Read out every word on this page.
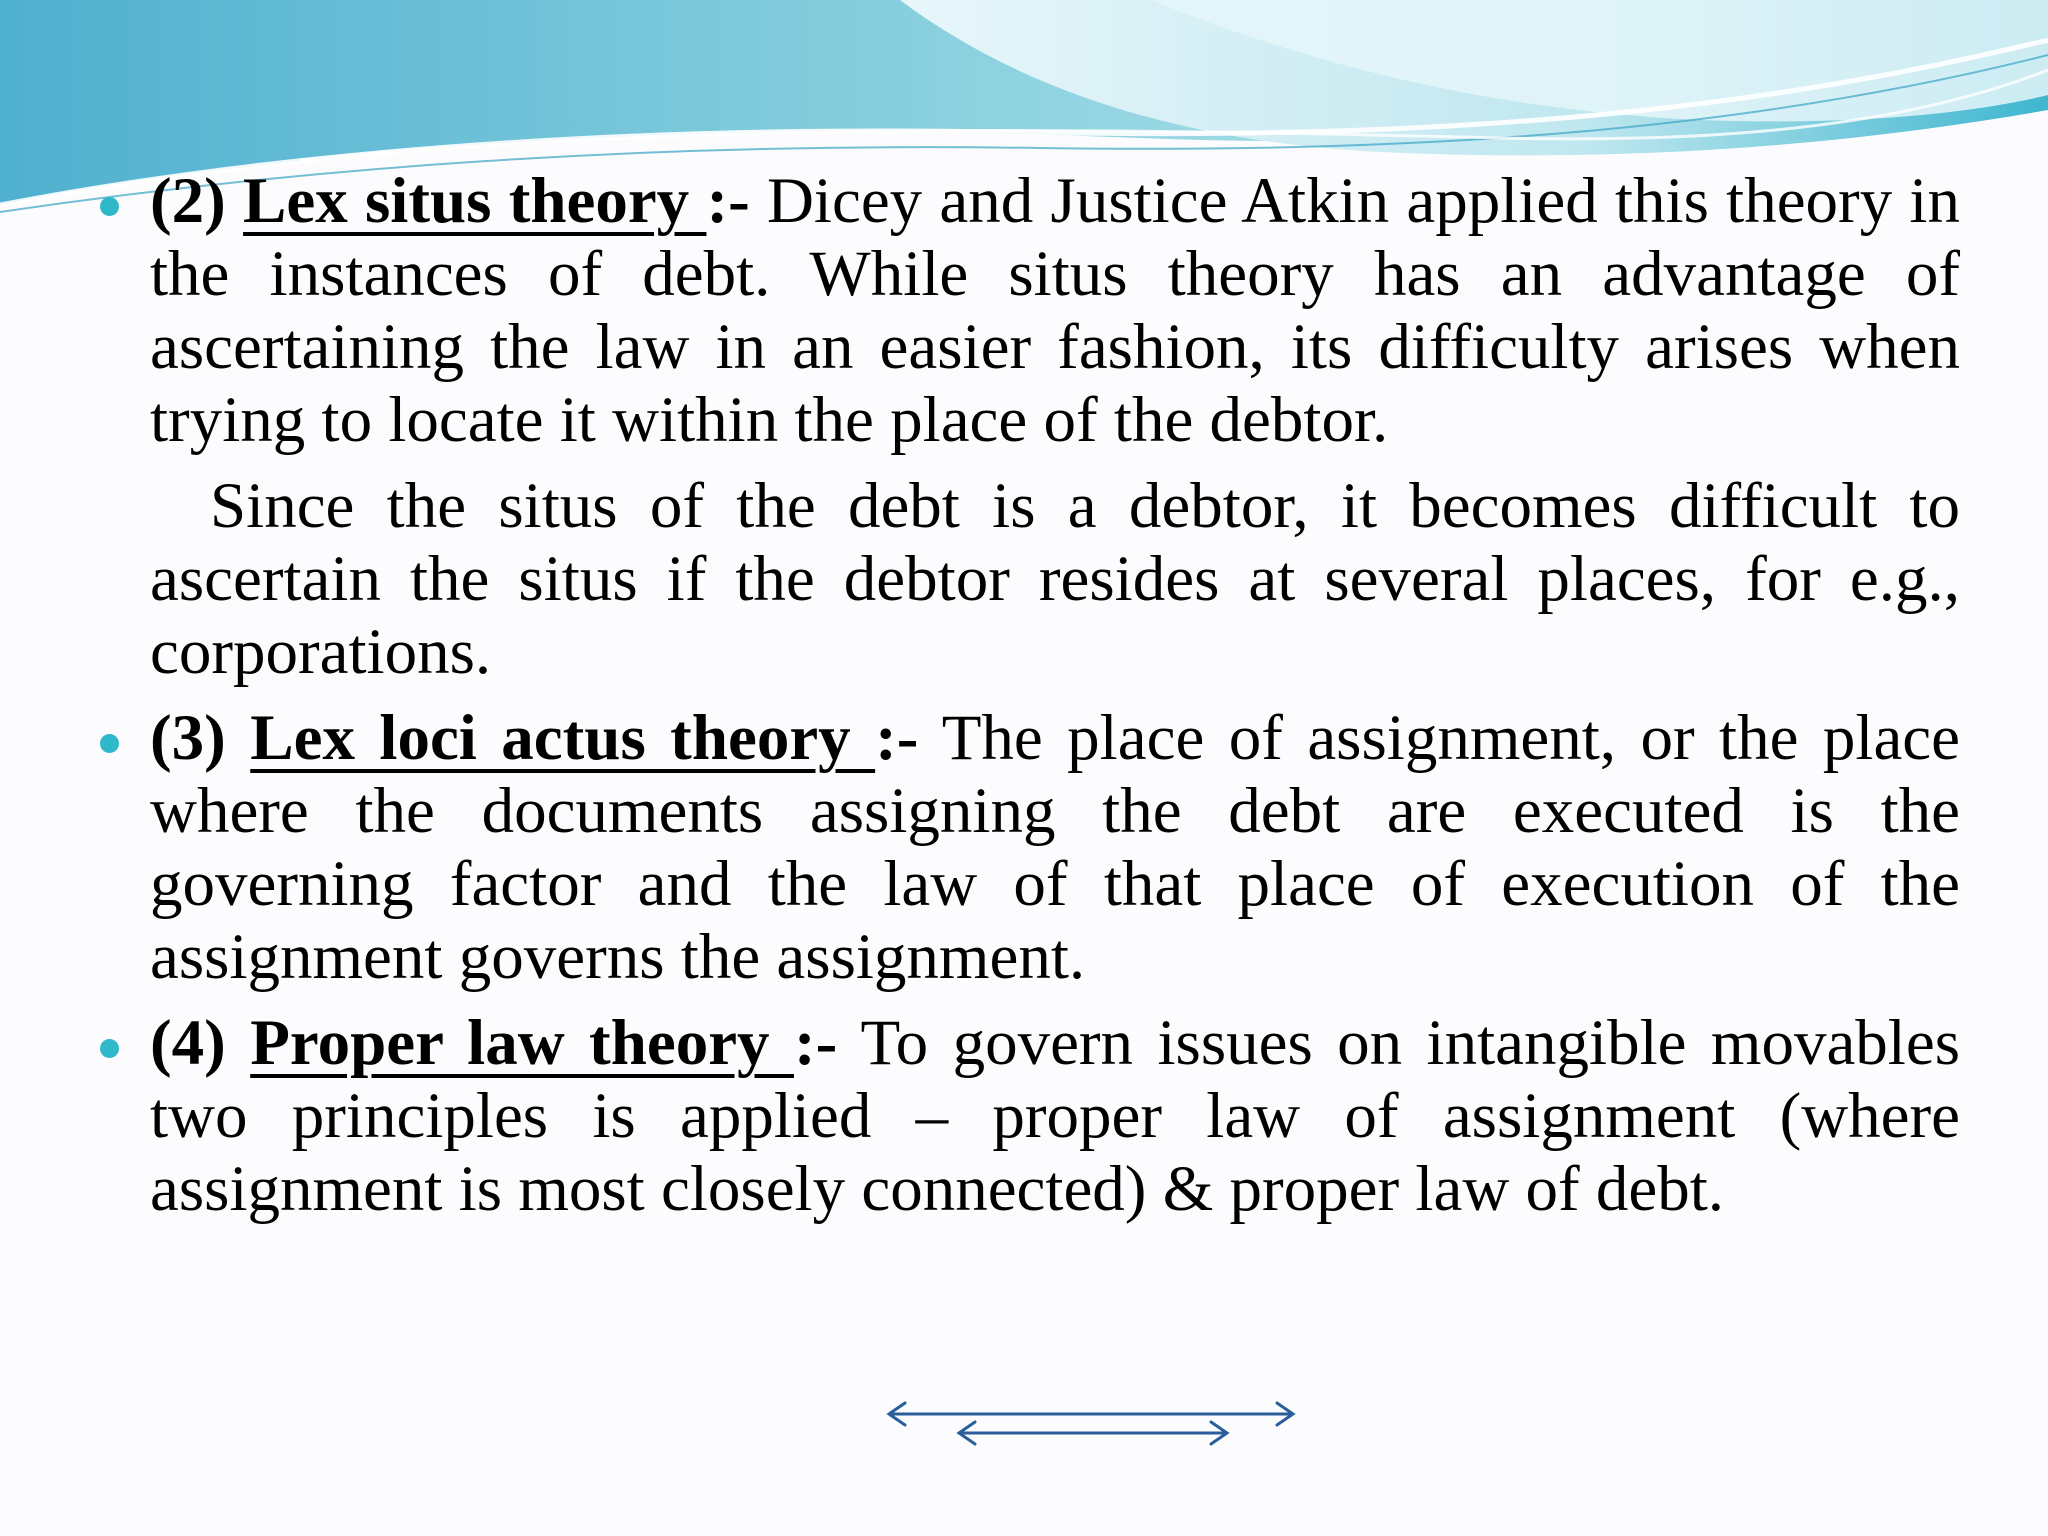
(2) Lex situs theory :- Dicey and Justice Atkin applied this theory in the instances of debt. While situs theory has an advantage of ascertaining the law in an easier fashion, its difficulty arises when trying to locate it within the place of the debtor.
Since the situs of the debt is a debtor, it becomes difficult to ascertain the situs if the debtor resides at several places, for e.g., corporations.
(3) Lex loci actus theory :- The place of assignment, or the place where the documents assigning the debt are executed is the governing factor and the law of that place of execution of the assignment governs the assignment.
(4) Proper law theory :- To govern issues on intangible movables two principles is applied – proper law of assignment (where assignment is most closely connected) & proper law of debt.
